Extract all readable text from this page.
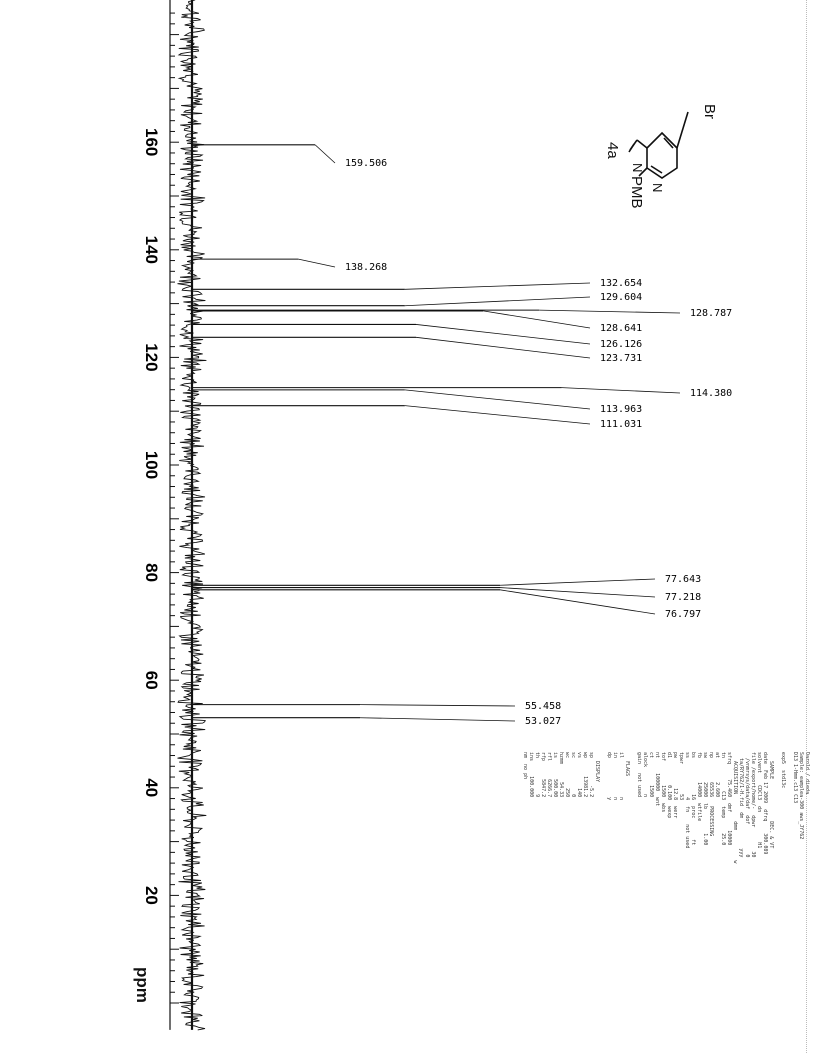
160
140
120
100
80
60
40
20
159.506
138.268
132.654
129.604
128.787
128.641
126.126
123.731
114.380
113.963
111.031
77.643
77.218
76.797
55.458
53.027
ppm
Br
N
N
PMB
4a
Darold / dieda
Sample: eamplea-300 aws_JY762
D13 1-Hmm.c13 C13

exp5  std13c

SAMPLE              DEC. & VT
date  Feb 17 2009  dfrq    300.089
solvent    CDCl3  dn          H1
file /export/home/-  dpwr        30
/vnmrsys/data/daf  dof          0
ta/RY762/1-H.fid  dm          yyy
ACQUISITION         dmm          w
sfrq     75.460  dmf      10000
tn           C13  temp     25.0
at        2.600
np        65536   PROCESSING
sw        25000  lb        1.00
fb        14000  wtfile
bs            16  proc       ft
ss             4  fn    not used
tpwr          53
pw          12.8  werr
d1         0.100  wexp
tof        1500  wbs
nt     100000  wnt
ct         1500
alock         n
gain   not used

FLAGS
il             n
in             n
dp             y

DISPLAY
sp         -5.2
wp      13981.2
vs          140
sc            0
wc          250
hzmm      54.33
is       500.00
rfl      6266.7
rfp      5847.2
th            9
ins     100.000
nm  no ph
